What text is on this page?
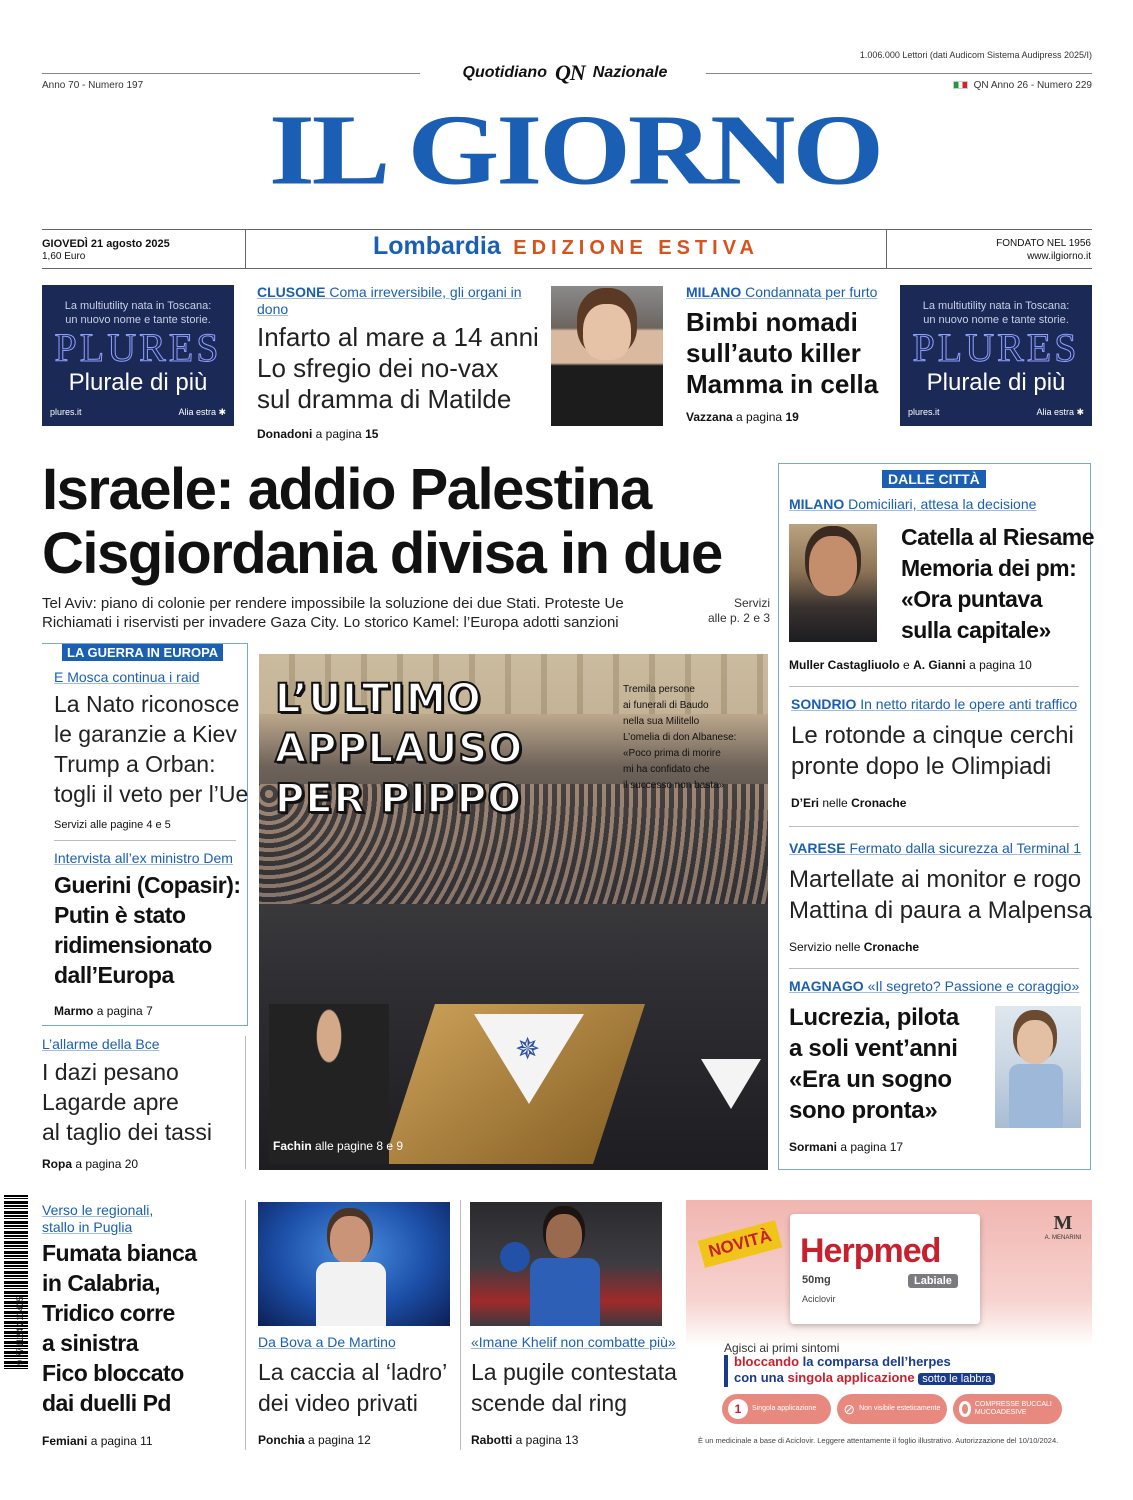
Anno 70 - Numero 197
Quotidiano QN Nazionale
1.006.000 Lettori (dati Audicom Sistema Audipress 2025/I)
QN Anno 26 - Numero 229
IL GIORNO
GIOVEDÌ 21 agosto 2025
1,60 Euro	Lombardia EDIZIONE ESTIVA	FONDATO NEL 1956
www.ilgiorno.it
La multiutility nata in Toscana:
un nuovo nome e tante storie.
PLURES
Plurale di più
plures.it	Alia estra ✱
CLUSONE Coma irreversibile, gli organi in dono
Infarto al mare a 14 anni
Lo sfregio dei no-vax
sul dramma di Matilde
Donadoni a pagina 15
MILANO Condannata per furto
Bimbi nomadi
sull’auto killer
Mamma in cella
Vazzana a pagina 19
La multiutility nata in Toscana:
un nuovo nome e tante storie.
PLURES
Plurale di più
plures.it	Alia estra ✱
Israele: addio Palestina
Cisgiordania divisa in due
Tel Aviv: piano di colonie per rendere impossibile la soluzione dei due Stati. Proteste Ue
Richiamati i riservisti per invadere Gaza City. Lo storico Kamel: l’Europa adotti sanzioni
Servizi
alle p. 2 e 3
LA GUERRA IN EUROPA
E Mosca continua i raid
La Nato riconosce
le garanzie a Kiev
Trump a Orban:
togli il veto per l’Ue
Servizi alle pagine 4 e 5
Intervista all’ex ministro Dem
Guerini (Copasir):
Putin è stato
ridimensionato
dall’Europa
Marmo a pagina 7
L’allarme della Bce
I dazi pesano
Lagarde apre
al taglio dei tassi
Ropa a pagina 20
✵
L’ULTIMO
APPLAUSO
PER PIPPO
Tremila persone
ai funerali di Baudo
nella sua Militello
L’omelia di don Albanese:
«Poco prima di morire
mi ha confidato che
il successo non basta»
Fachin alle pagine 8 e 9
DALLE CITTÀ
MILANO Domiciliari, attesa la decisione
Catella al Riesame
Memoria dei pm:
«Ora puntava
sulla capitale»
Muller Castagliuolo e A. Gianni a pagina 10
SONDRIO In netto ritardo le opere anti traffico
Le rotonde a cinque cerchi
pronte dopo le Olimpiadi
D’Eri nelle Cronache
VARESE Fermato dalla sicurezza al Terminal 1
Martellate ai monitor e rogo
Mattina di paura a Malpensa
Servizio nelle Cronache
MAGNAGO «Il segreto? Passione e coraggio»
Lucrezia, pilota
a soli vent’anni
«Era un sogno
sono pronta»
Sormani a pagina 17
9 771124 211405
Verso le regionali,
stallo in Puglia
Fumata bianca
in Calabria,
Tridico corre
a sinistra
Fico bloccato
dai duelli Pd
Femiani a pagina 11
Da Bova a De Martino
La caccia al ‘ladro’
dei video privati
Ponchia a pagina 12
«Imane Khelif non combatte più»
La pugile contestata
scende dal ring
Rabotti a pagina 13
NOVITÀ Herpmed
50mg	Labiale
Aciclovir
M
A. MENARINI
Agisci ai primi sintomi
bloccando la comparsa dell’herpes
con una singola applicazione sotto le labbra
1	Singola applicazione ⊘ Non visibile esteticamente
COMPRESSE BUCCALI MUCOADESIVE
È un medicinale a base di Aciclovir. Leggere attentamente il foglio illustrativo. Autorizzazione del 10/10/2024.
